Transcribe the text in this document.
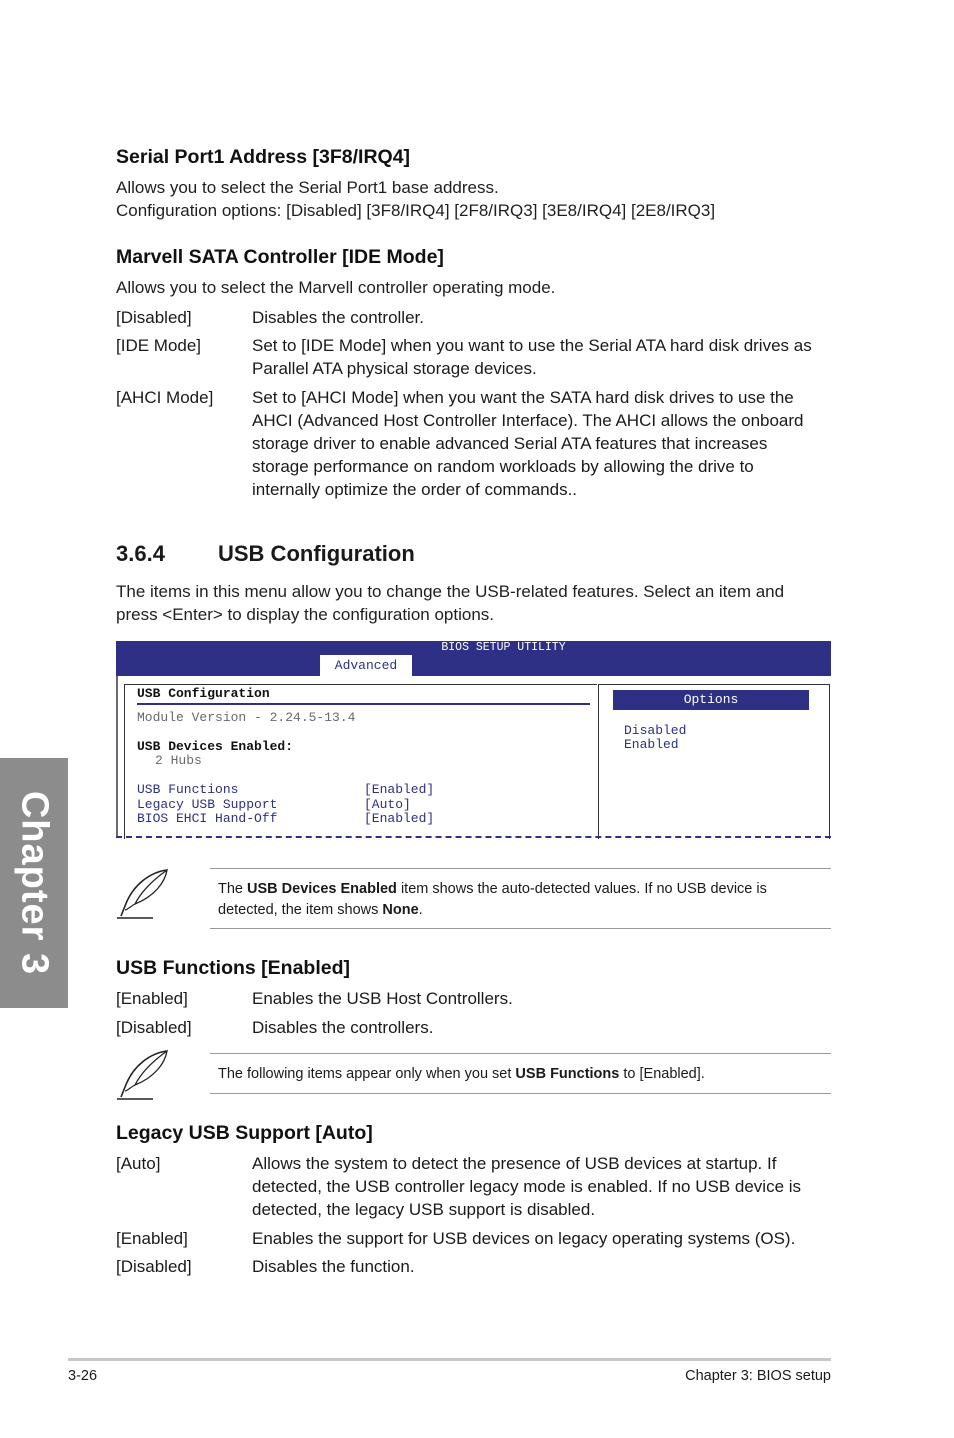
Chapter 3
Serial Port1 Address [3F8/IRQ4]
Allows you to select the Serial Port1 base address.
Configuration options: [Disabled] [3F8/IRQ4] [2F8/IRQ3] [3E8/IRQ4] [2E8/IRQ3]
Marvell SATA Controller [IDE Mode]
Allows you to select the Marvell controller operating mode.
[Disabled]	Disables the controller.
[IDE Mode]	Set to [IDE Mode] when you want to use the Serial ATA hard disk drives as
Parallel ATA physical storage devices.
[AHCI Mode] Set to [AHCI Mode] when you want the SATA hard disk drives to use the
AHCI (Advanced Host Controller Interface). The AHCI allows the onboard
storage driver to enable advanced Serial ATA features that increases
storage performance on random workloads by allowing the drive to
internally optimize the order of commands..
3.6.4 USB Configuration
The items in this menu allow you to change the USB-related features. Select an item and
press <Enter> to display the configuration options.
BIOS SETUP UTILITY
Advanced
USB Configuration
Module Version - 2.24.5-13.4
USB Devices Enabled:
2 Hubs
USB Functions	[Enabled]
Legacy USB Support	[Auto]
BIOS EHCI Hand-Off	[Enabled]
Options
Disabled
Enabled
The USB Devices Enabled item shows the auto-detected values. If no USB device is
detected, the item shows None.
USB Functions [Enabled]
[Enabled]	Enables the USB Host Controllers.
[Disabled]	Disables the controllers.
The following items appear only when you set USB Functions to [Enabled].
Legacy USB Support [Auto]
[Auto]	Allows the system to detect the presence of USB devices at startup. If
detected, the USB controller legacy mode is enabled. If no USB device is
detected, the legacy USB support is disabled.
[Enabled]	Enables the support for USB devices on legacy operating systems (OS).
[Disabled]	Disables the function.
3-26	Chapter 3: BIOS setup
